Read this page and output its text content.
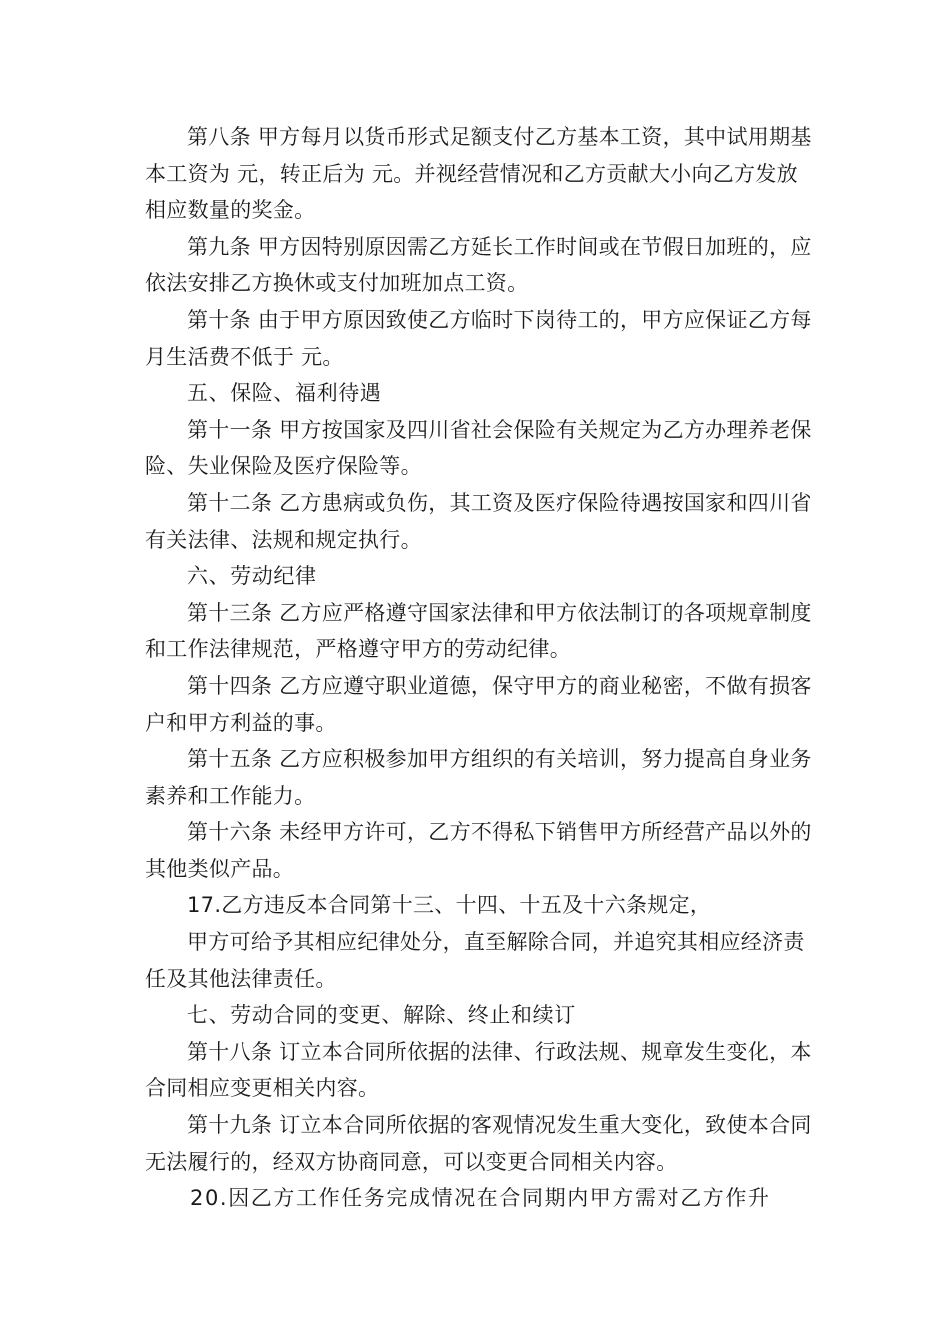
第八条 甲方每月以货币形式足额支付乙方基本工资，其中试用期基本工资为 元，转正后为 元。并视经营情况和乙方贡献大小向乙方发放相应数量的奖金。

第九条 甲方因特别原因需乙方延长工作时间或在节假日加班的，应依法安排乙方换休或支付加班加点工资。

第十条 由于甲方原因致使乙方临时下岗待工的，甲方应保证乙方每月生活费不低于 元。

五、保险、福利待遇

第十一条 甲方按国家及四川省社会保险有关规定为乙方办理养老保险、失业保险及医疗保险等。

第十二条 乙方患病或负伤，其工资及医疗保险待遇按国家和四川省有关法律、法规和规定执行。

六、劳动纪律

第十三条 乙方应严格遵守国家法律和甲方依法制订的各项规章制度和工作法律规范，严格遵守甲方的劳动纪律。

第十四条 乙方应遵守职业道德，保守甲方的商业秘密，不做有损客户和甲方利益的事。

第十五条 乙方应积极参加甲方组织的有关培训，努力提高自身业务素养和工作能力。

第十六条 未经甲方许可，乙方不得私下销售甲方所经营产品以外的其他类似产品。

17.乙方违反本合同第十三、十四、十五及十六条规定，

甲方可给予其相应纪律处分，直至解除合同，并追究其相应经济责任及其他法律责任。

七、劳动合同的变更、解除、终止和续订

第十八条 订立本合同所依据的法律、行政法规、规章发生变化，本合同相应变更相关内容。

第十九条 订立本合同所依据的客观情况发生重大变化，致使本合同无法履行的，经双方协商同意，可以变更合同相关内容。

20.因乙方工作任务完成情况在合同期内甲方需对乙方作升
